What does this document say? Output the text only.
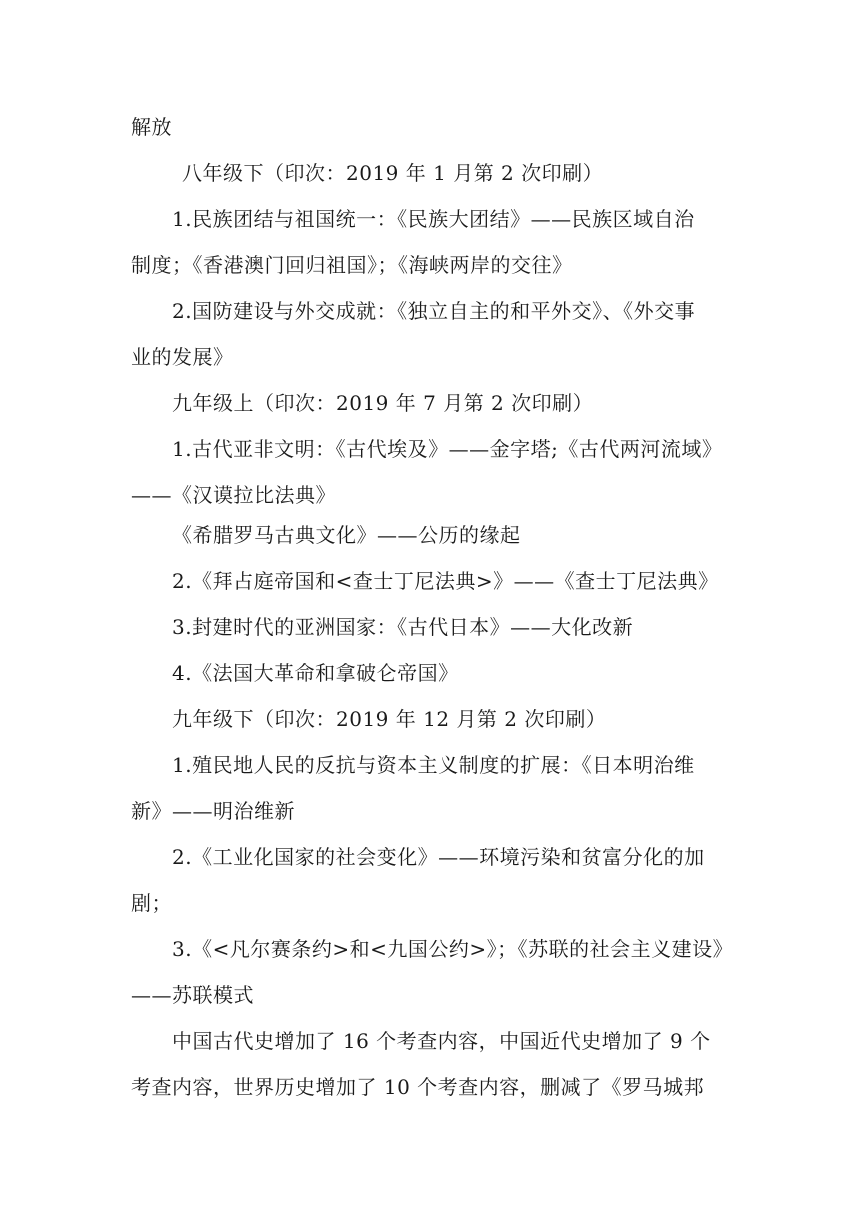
解放
八年级下（印次：2019 年 1 月第 2 次印刷）
1.民族团结与祖国统一：《民族大团结》——民族区域自治
制度；《香港澳门回归祖国》；《海峡两岸的交往》
2.国防建设与外交成就：《独立自主的和平外交》、《外交事
业的发展》
九年级上（印次：2019 年 7 月第 2 次印刷）
1.古代亚非文明：《古代埃及》——金字塔;《古代两河流域》
——《汉谟拉比法典》
《希腊罗马古典文化》——公历的缘起
2.《拜占庭帝国和<查士丁尼法典>》——《查士丁尼法典》
3.封建时代的亚洲国家：《古代日本》——大化改新
4.《法国大革命和拿破仑帝国》
九年级下（印次：2019 年 12 月第 2 次印刷）
1.殖民地人民的反抗与资本主义制度的扩展：《日本明治维
新》——明治维新
2.《工业化国家的社会变化》——环境污染和贫富分化的加
剧；
3.《<凡尔赛条约>和<九国公约>》；《苏联的社会主义建设》
——苏联模式
中国古代史增加了 16 个考查内容，中国近代史增加了 9 个
考查内容，世界历史增加了 10 个考查内容，删减了《罗马城邦
